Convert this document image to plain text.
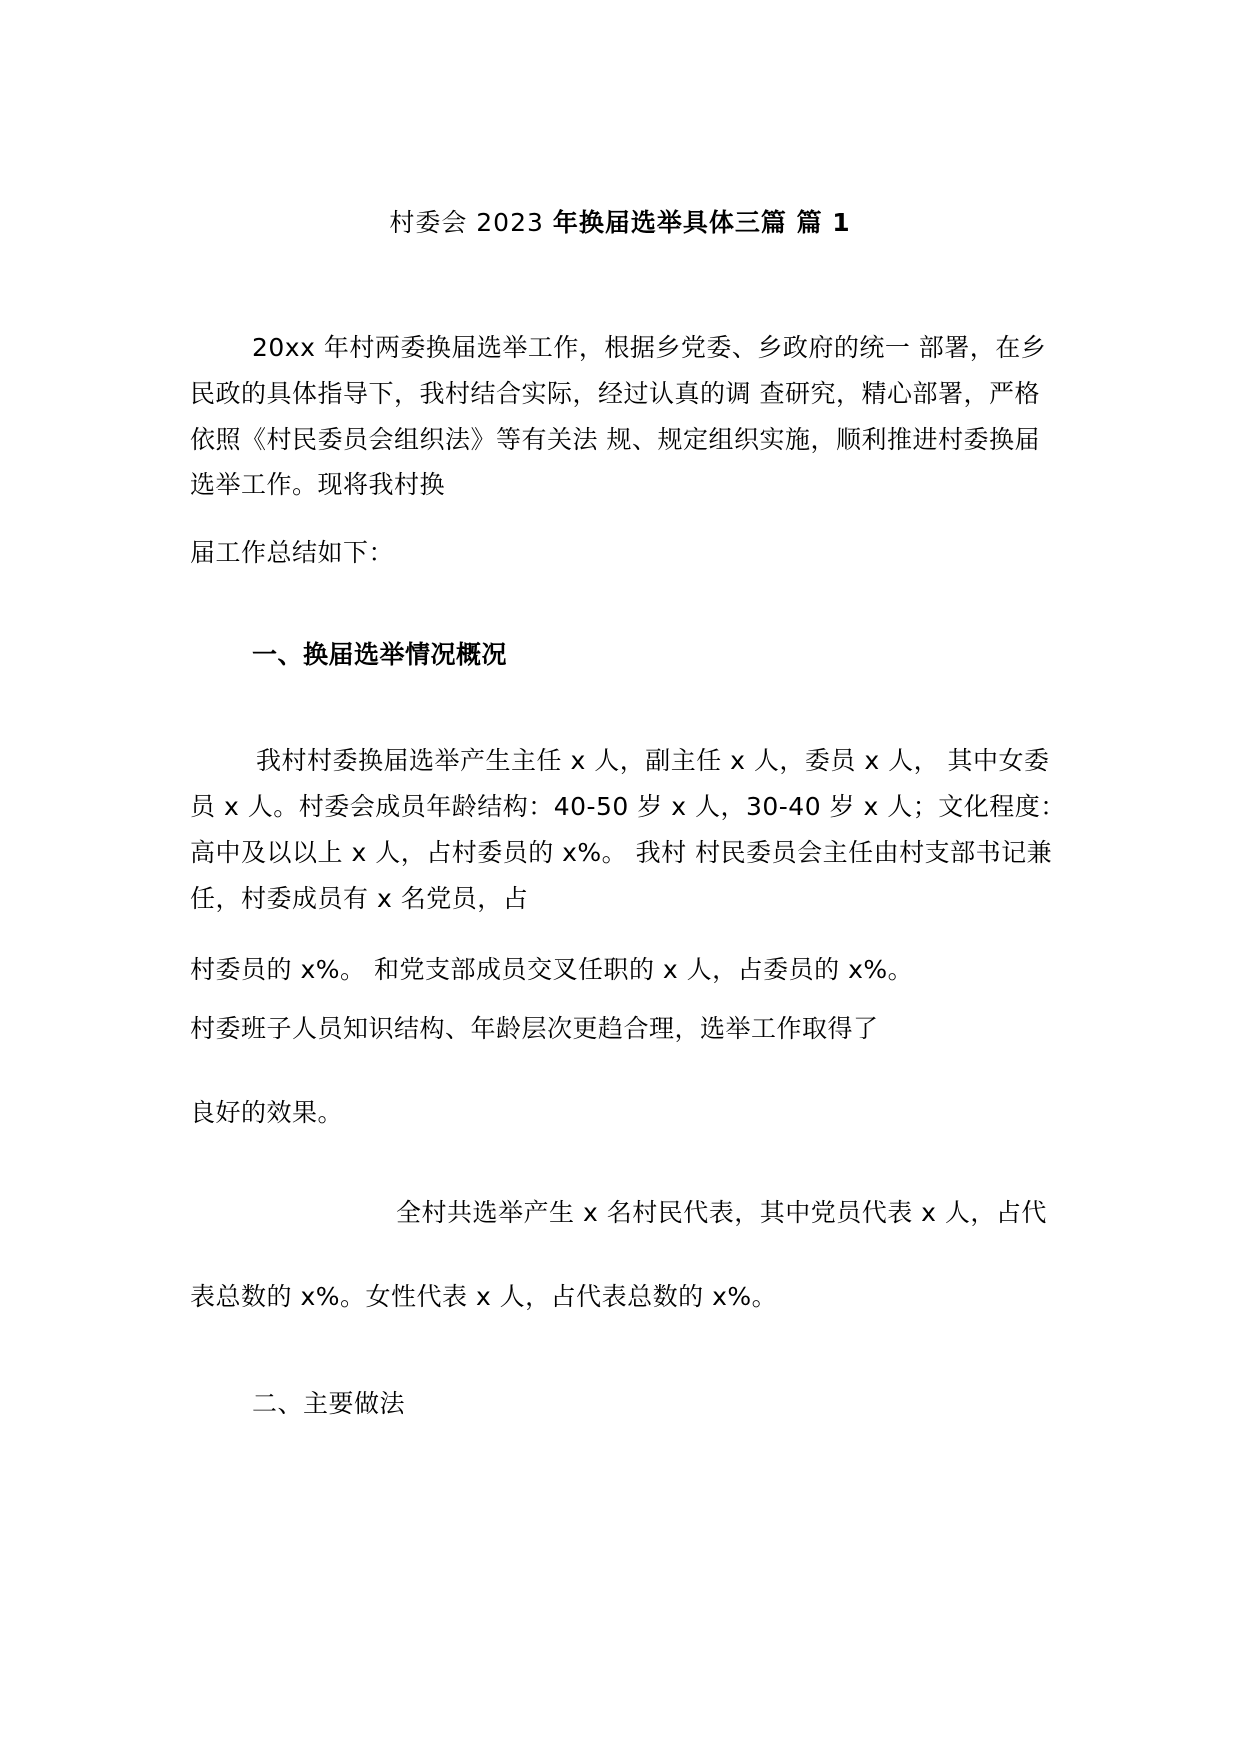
村委会 2023 年换届选举具体三篇 篇 1
20xx 年村两委换届选举工作，根据乡党委、乡政府的统一 部署，在乡
民政的具体指导下，我村结合实际，经过认真的调 查研究，精心部署，严格
依照《村民委员会组织法》等有关法 规、规定组织实施，顺利推进村委换届
选举工作。现将我村换
届工作总结如下：
一、换届选举情况概况
我村村委换届选举产生主任 x 人，副主任 x 人，委员 x 人， 其中女委
员 x 人。村委会成员年龄结构：40-50 岁 x 人，30-40 岁 x 人；文化程度：
高中及以以上 x 人，占村委员的 x%。 我村 村民委员会主任由村支部书记兼
任，村委成员有 x 名党员，占
村委员的 x%。 和党支部成员交叉任职的 x 人，占委员的 x%。
村委班子人员知识结构、年龄层次更趋合理，选举工作取得了
良好的效果。
全村共选举产生 x 名村民代表，其中党员代表 x 人，占代
表总数的 x%。女性代表 x 人，占代表总数的 x%。
二、主要做法
